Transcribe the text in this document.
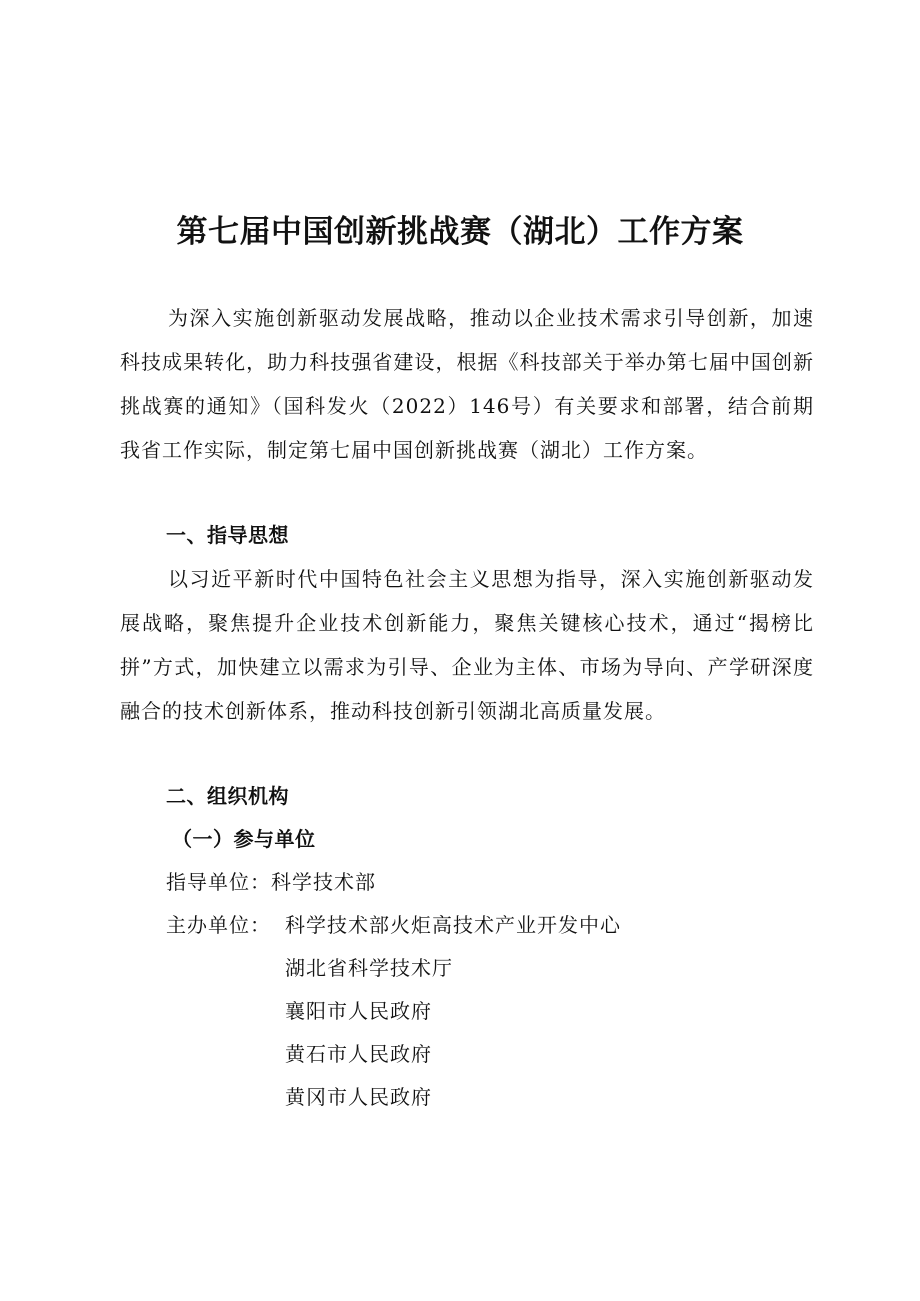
第七届中国创新挑战赛（湖北）工作方案

为深入实施创新驱动发展战略，推动以企业技术需求引导创新，加速科技成果转化，助力科技强省建设，根据《科技部关于举办第七届中国创新挑战赛的通知》（国科发火（2022）146号）有关要求和部署，结合前期我省工作实际，制定第七届中国创新挑战赛（湖北）工作方案。

一、指导思想

以习近平新时代中国特色社会主义思想为指导，深入实施创新驱动发展战略，聚焦提升企业技术创新能力，聚焦关键核心技术，通过“揭榜比拼”方式，加快建立以需求为引导、企业为主体、市场为导向、产学研深度融合的技术创新体系，推动科技创新引领湖北高质量发展。

二、组织机构
（一）参与单位

指导单位：科学技术部

主办单位： 科学技术部火炬高技术产业开发中心

湖北省科学技术厅

襄阳市人民政府

黄石市人民政府

黄冈市人民政府
